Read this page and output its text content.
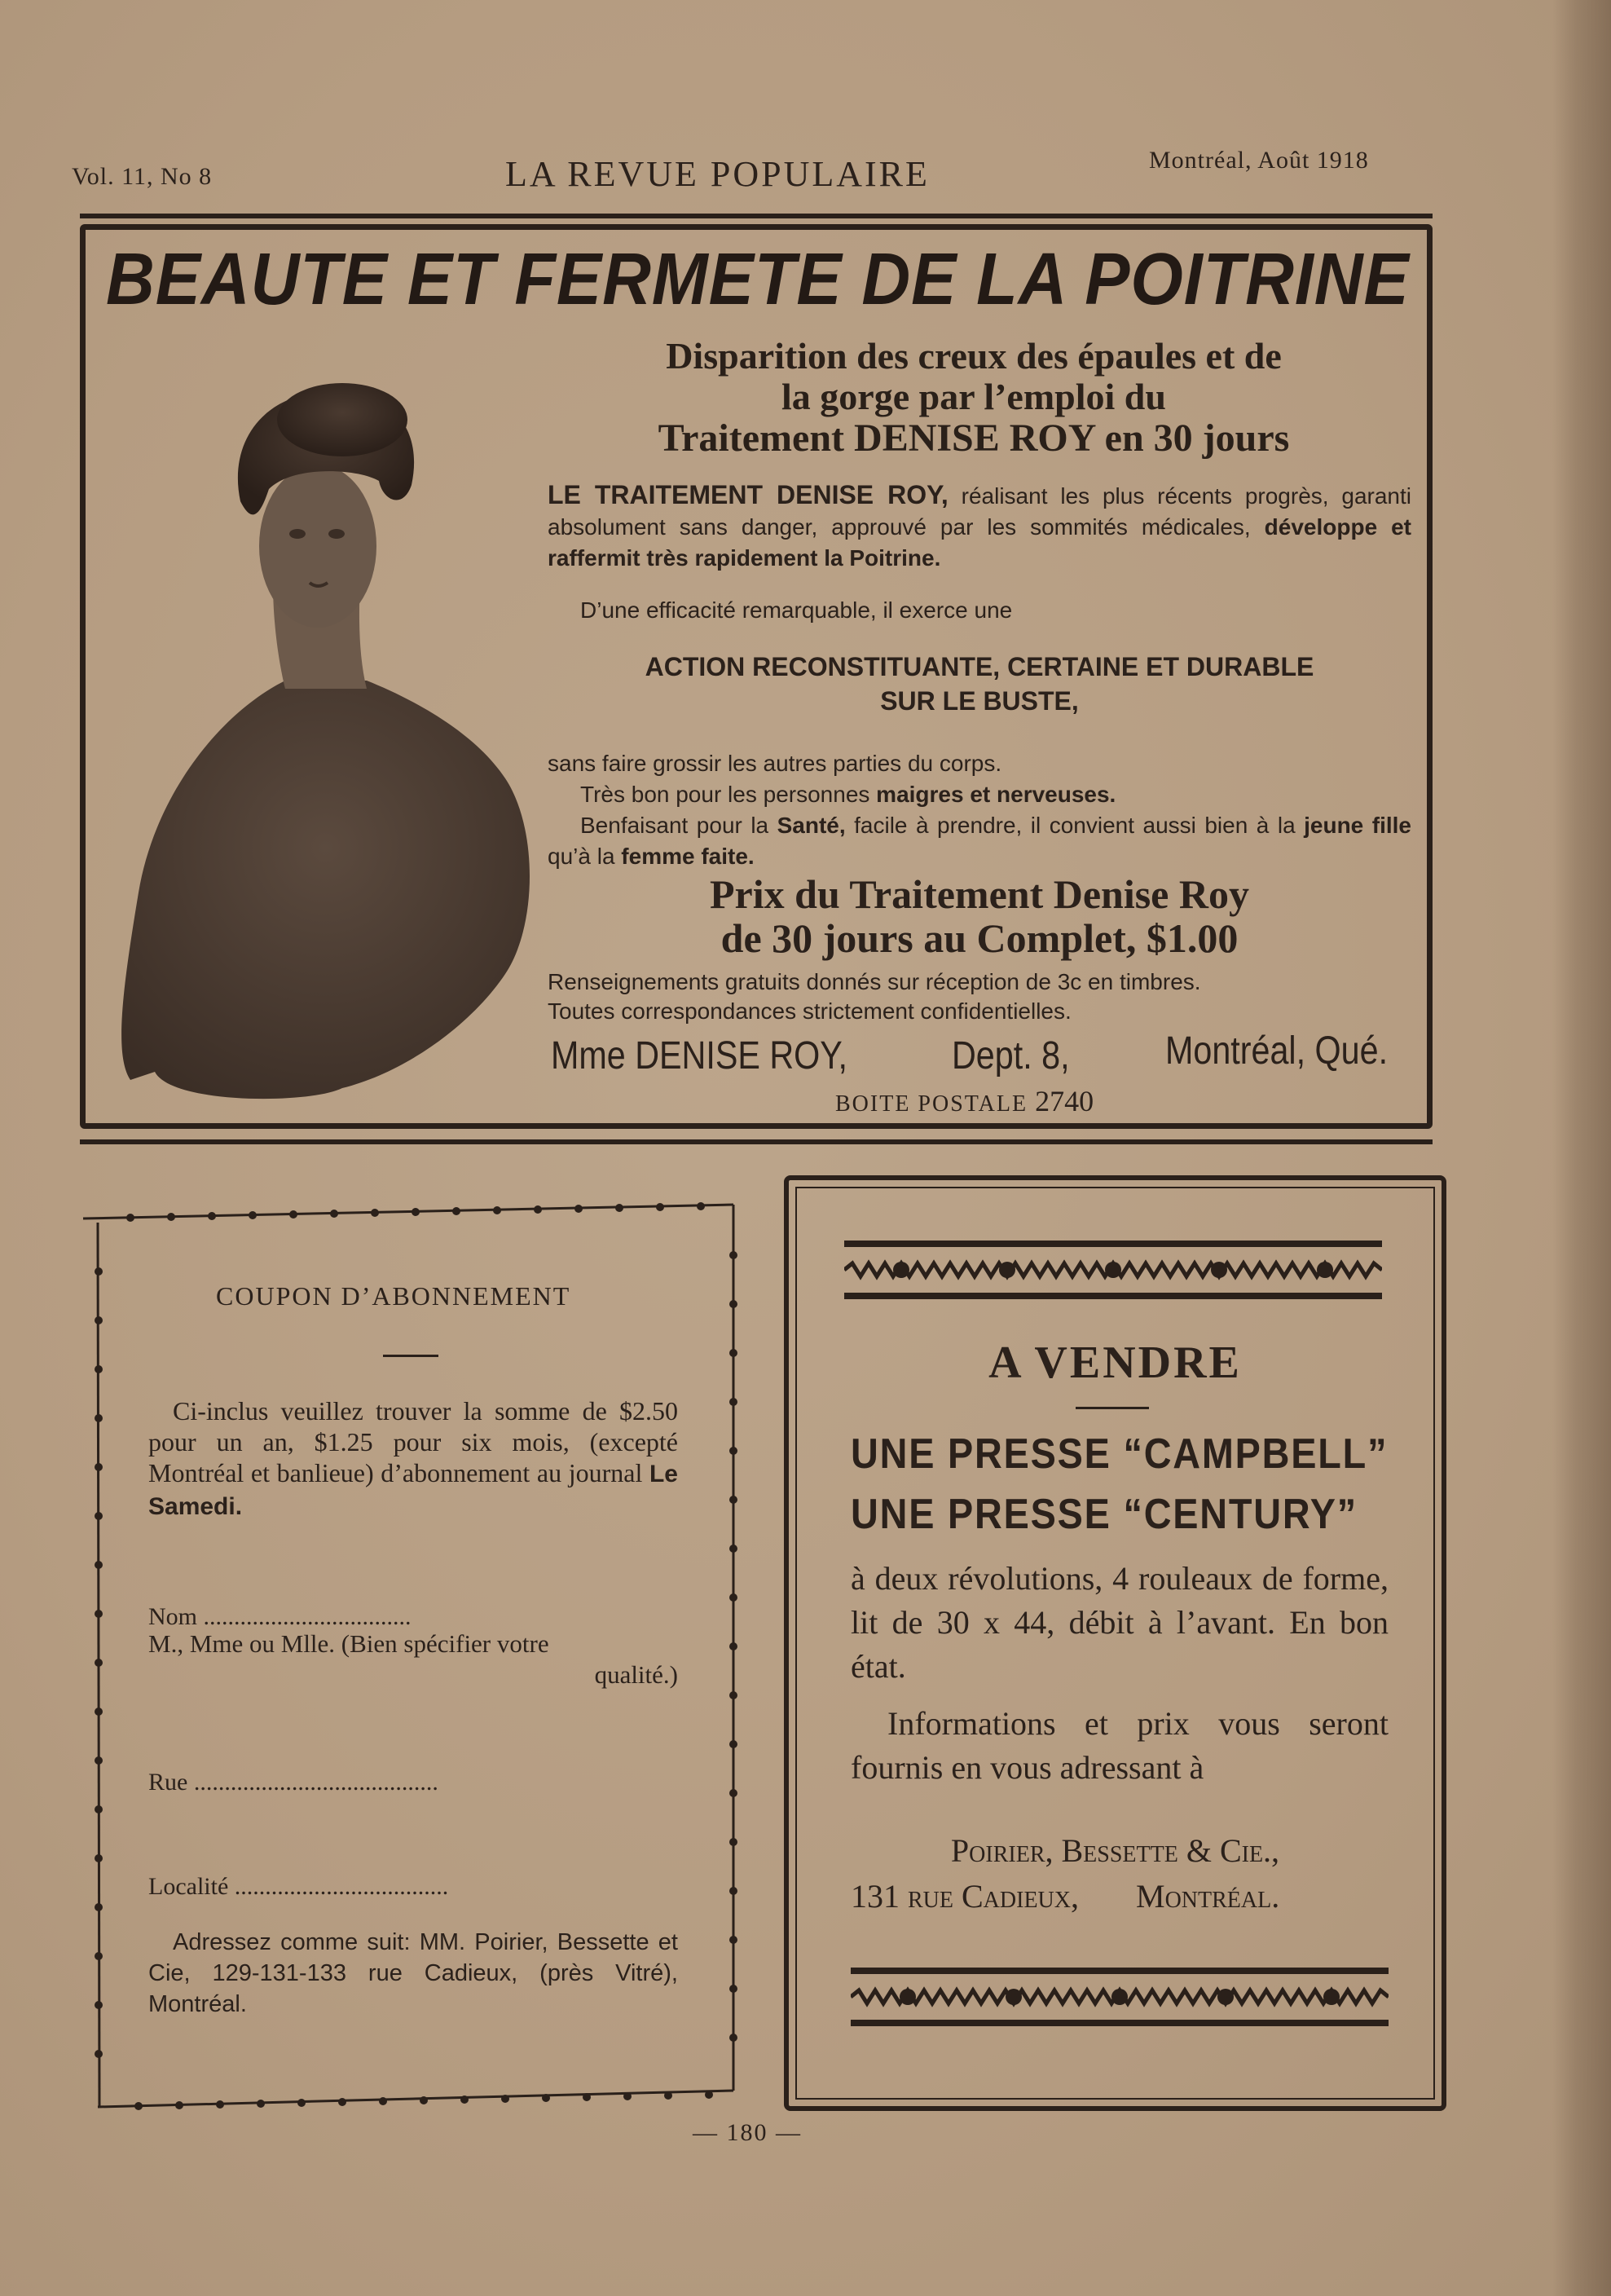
Vol. 11, No 8	LA REVUE POPULAIRE	Montréal, Août 1918
BEAUTE ET FERMETE DE LA POITRINE
Disparition des creux des épaules et de
la gorge par l’emploi du
Traitement DENISE ROY en 30 jours
LE TRAITEMENT DENISE ROY, réalisant les plus récents progrès, garanti absolument sans danger, approuvé par les sommités médicales, développe et raffermit très rapidement la Poitrine.
D’une efficacité remarquable, il exerce une
ACTION RECONSTITUANTE, CERTAINE ET DURABLE
SUR LE BUSTE,
sans faire grossir les autres parties du corps.
Très bon pour les personnes maigres et nerveuses.
Benfaisant pour la Santé, facile à prendre, il convient aussi bien à la jeune fille qu’à la femme faite.
Prix du Traitement Denise Roy
de 30 jours au Complet, $1.00
Renseignements gratuits donnés sur réception de 3c en timbres.
Toutes correspondances strictement confidentielles.
Mme DENISE ROY,	Dept. 8, Montréal, Qué.
BOITE POSTALE 2740
COUPON D’ABONNEMENT
Ci-inclus veuillez trouver la somme de $2.50 pour un an, $1.25 pour six mois, (excepté Montréal et banlieue) d’abonnement au journal Le Samedi.
Nom ..................................
M., Mme ou Mlle. (Bien spécifier votre
qualité.)
Rue ........................................
Localité ...................................
Adressez comme suit: MM. Poirier, Bessette et Cie, 129-131-133 rue Cadieux, (près Vitré), Montréal.
A VENDRE
UNE PRESSE “CAMPBELL”
UNE PRESSE “CENTURY”
à deux révolutions, 4 rouleaux de forme, lit de 30 x 44, débit à l’avant. En bon état.
Informations et prix vous seront fournis en vous adressant à
Poirier, Bessette & Cie.,
131 rue Cadieux, Montréal.
— 180 —
